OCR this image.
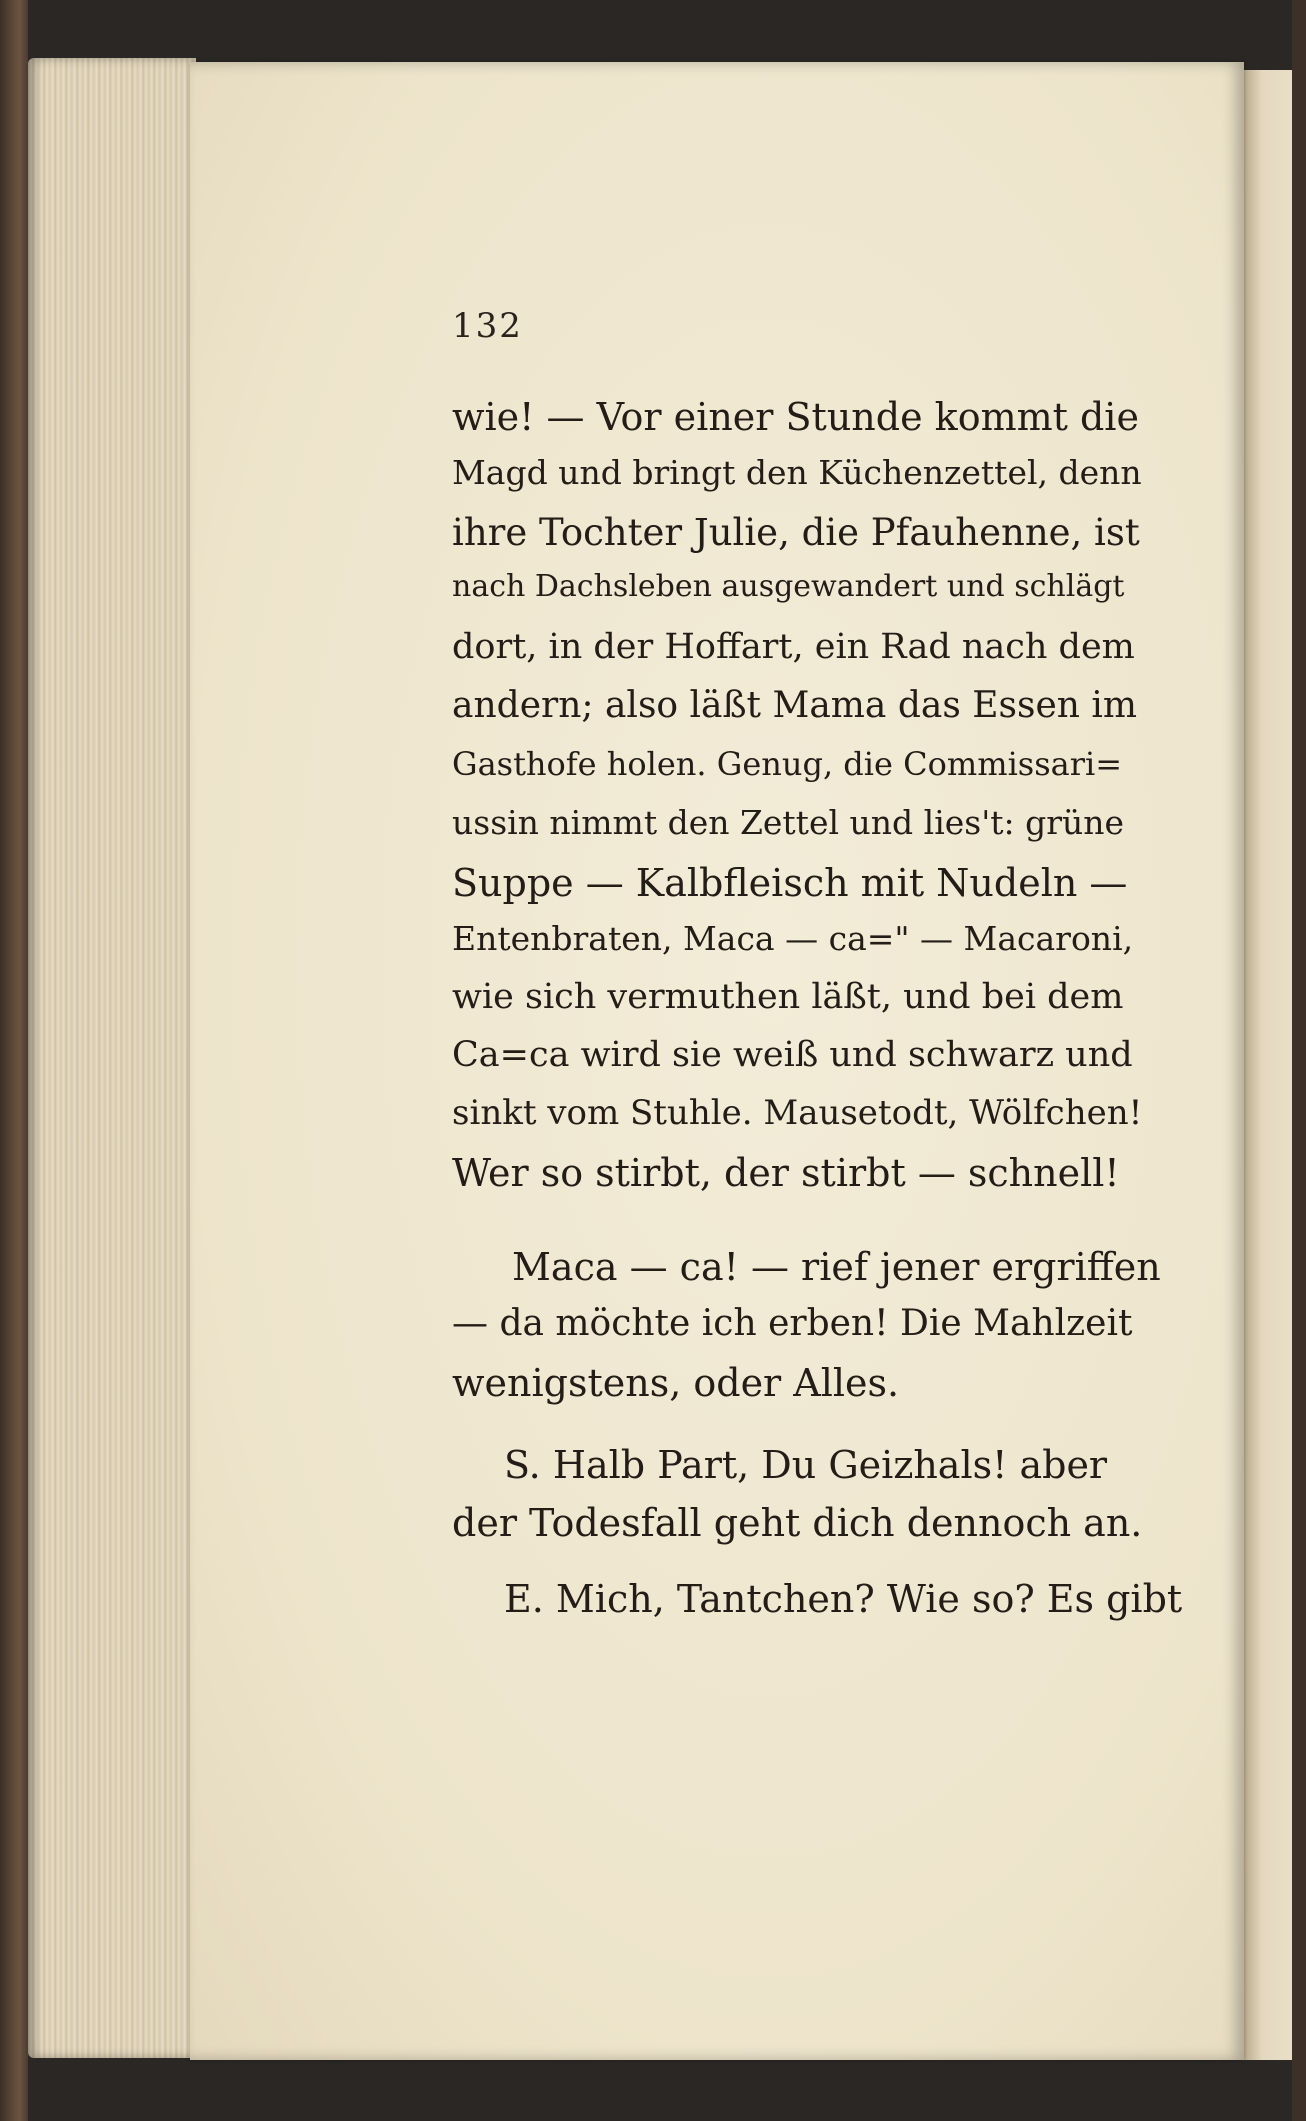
132
wie! — Vor einer Stunde kommt die
Magd und bringt den Küchenzettel, denn
ihre Tochter Julie, die Pfauhenne, ist
nach Dachsleben ausgewandert und schlägt
dort, in der Hoffart, ein Rad nach dem
andern; also läßt Mama das Essen im
Gasthofe holen. Genug, die Commissari=
ussin nimmt den Zettel und lies't: grüne
Suppe — Kalbfleisch mit Nudeln —
Entenbraten, Maca — ca=" — Macaroni,
wie sich vermuthen läßt, und bei dem
Ca=ca wird sie weiß und schwarz und
sinkt vom Stuhle. Mausetodt, Wölfchen!
Wer so stirbt, der stirbt — schnell!
Maca — ca! — rief jener ergriffen
— da möchte ich erben! Die Mahlzeit
wenigstens, oder Alles.
S. Halb Part, Du Geizhals! aber
der Todesfall geht dich dennoch an.
E. Mich, Tantchen? Wie so? Es gibt
